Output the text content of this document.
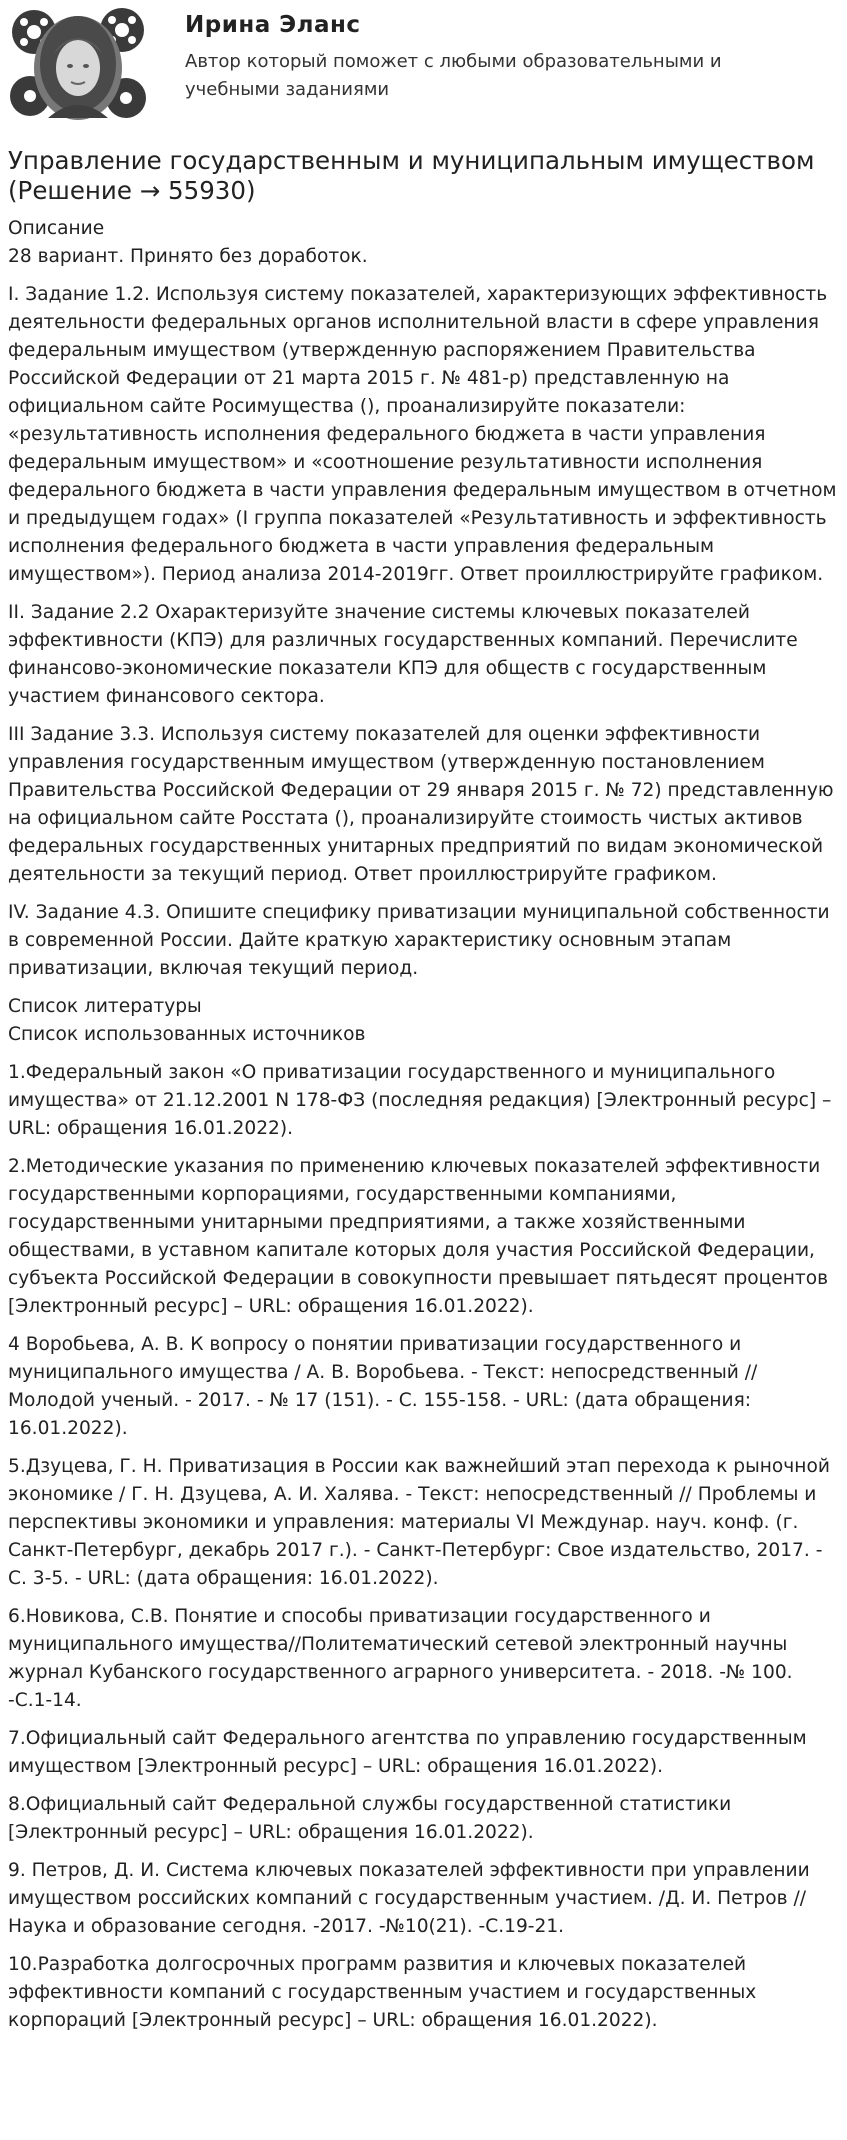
Ирина Эланс
Автор который поможет с любыми образовательными и учебными заданиями
Управление государственным и муниципальным имуществом (Решение → 55930)

Описание

28 вариант. Принято без доработок.

I. Задание 1.2. Используя систему показателей, характеризующих эффективность деятельности федеральных органов исполнительной власти в сфере управления федеральным имуществом (утвержденную распоряжением Правительства Российской Федерации от 21 марта 2015 г. № 481-р) представленную на официальном сайте Росимущества (), проанализируйте показатели: «результативность исполнения федерального бюджета в части управления федеральным имуществом» и «соотношение результативности исполнения федерального бюджета в части управления федеральным имуществом в отчетном и предыдущем годах» (I группа показателей «Результативность и эффективность исполнения федерального бюджета в части управления федеральным имуществом»). Период анализа 2014-2019гг. Ответ проиллюстрируйте графиком.

II. Задание 2.2 Охарактеризуйте значение системы ключевых показателей эффективности (КПЭ) для различных государственных компаний. Перечислите финансово-экономические показатели КПЭ для обществ с государственным участием финансового сектора.

III Задание 3.3. Используя систему показателей для оценки эффективности управления государственным имуществом (утвержденную постановлением Правительства Российской Федерации от 29 января 2015 г. № 72) представленную на официальном сайте Росстата (), проанализируйте стоимость чистых активов федеральных государственных унитарных предприятий по видам экономической деятельности за текущий период. Ответ проиллюстрируйте графиком.

IV. Задание 4.3. Опишите специфику приватизации муниципальной собственности в современной России. Дайте краткую характеристику основным этапам приватизации, включая текущий период.

Список литературы

Список использованных источников

1.Федеральный закон «О приватизации государственного и муниципального имущества» от 21.12.2001 N 178-ФЗ (последняя редакция) [Электронный ресурс] – URL: обращения 16.01.2022).

2.Методические указания по применению ключевых показателей эффективности государственными корпорациями, государственными компаниями, государственными унитарными предприятиями, а также хозяйственными обществами, в уставном капитале которых доля участия Российской Федерации, субъекта Российской Федерации в совокупности превышает пятьдесят процентов [Электронный ресурс] – URL: обращения 16.01.2022).

4 Воробьева, А. В. К вопросу о понятии приватизации государственного и муниципального имущества / А. В. Воробьева. - Текст: непосредственный // Молодой ученый. - 2017. - № 17 (151). - С. 155-158. - URL: (дата обращения: 16.01.2022).

5.Дзуцева, Г. Н. Приватизация в России как важнейший этап перехода к рыночной экономике / Г. Н. Дзуцева, А. И. Халява. - Текст: непосредственный // Проблемы и перспективы экономики и управления: материалы VI Междунар. науч. конф. (г. Санкт-Петербург, декабрь 2017 г.). - Санкт-Петербург: Свое издательство, 2017. - С. 3-5. - URL: (дата обращения: 16.01.2022).

6.Новикова, С.В. Понятие и способы приватизации государственного и муниципального имущества//Политематический сетевой электронный научны журнал Кубанского государственного аграрного университета. - 2018. -№ 100. -С.1-14.

7.Официальный сайт Федерального агентства по управлению государственным имуществом [Электронный ресурс] – URL: обращения 16.01.2022).

8.Официальный сайт Федеральной службы государственной статистики [Электронный ресурс] – URL: обращения 16.01.2022).

9. Петров, Д. И. Система ключевых показателей эффективности при управлении имуществом российских компаний с государственным участием. /Д. И. Петров //Наука и образование сегодня. -2017. -№10(21). -С.19-21.

10.Разработка долгосрочных программ развития и ключевых показателей эффективности компаний с государственным участием и государственных корпораций [Электронный ресурс] – URL: обращения 16.01.2022).
